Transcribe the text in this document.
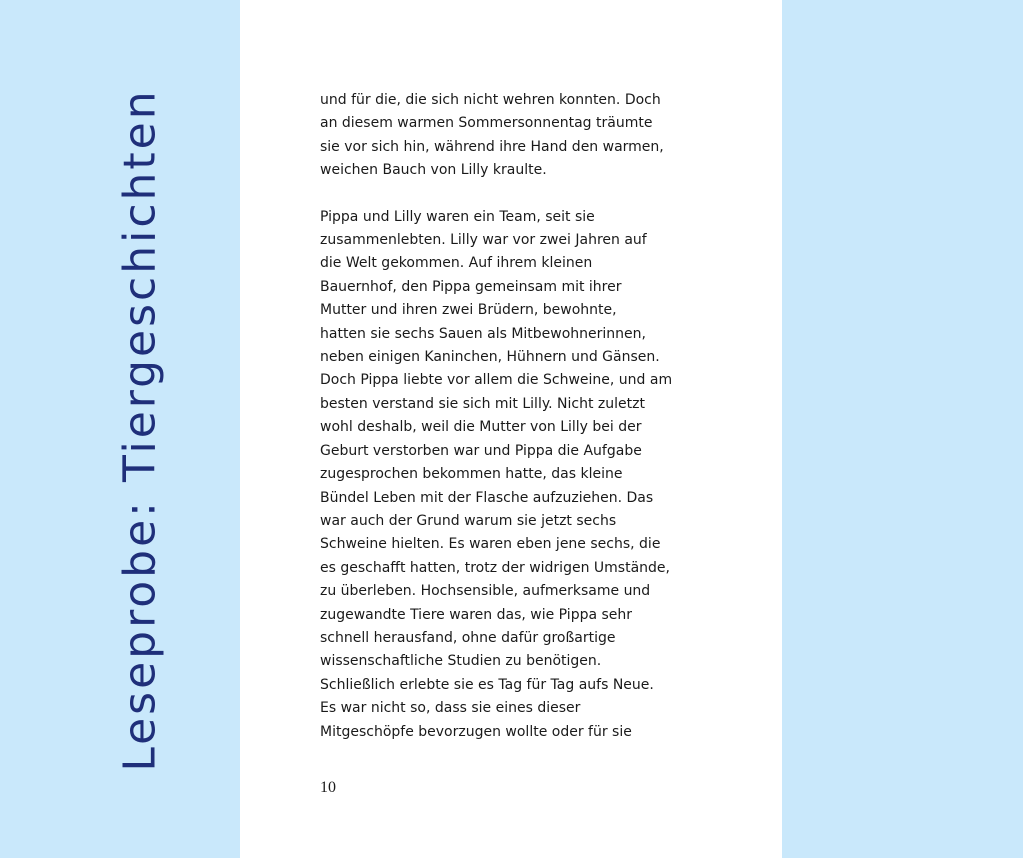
Leseprobe: Tiergeschichten	und für die, die sich nicht wehren konnten. Doch

an diesem warmen Sommersonnentag träumte

sie vor sich hin, während ihre Hand den warmen,

weichen Bauch von Lilly kraulte.

Pippa und Lilly waren ein Team, seit sie

zusammenlebten. Lilly war vor zwei Jahren auf

die Welt gekommen. Auf ihrem kleinen

Bauernhof, den Pippa gemeinsam mit ihrer

Mutter und ihren zwei Brüdern, bewohnte,

hatten sie sechs Sauen als Mitbewohnerinnen,

neben einigen Kaninchen, Hühnern und Gänsen.

Doch Pippa liebte vor allem die Schweine, und am

besten verstand sie sich mit Lilly. Nicht zuletzt

wohl deshalb, weil die Mutter von Lilly bei der

Geburt verstorben war und Pippa die Aufgabe

zugesprochen bekommen hatte, das kleine

Bündel Leben mit der Flasche aufzuziehen. Das

war auch der Grund warum sie jetzt sechs

Schweine hielten. Es waren eben jene sechs, die

es geschafft hatten, trotz der widrigen Umstände,

zu überleben. Hochsensible, aufmerksame und

zugewandte Tiere waren das, wie Pippa sehr

schnell herausfand, ohne dafür großartige

wissenschaftliche Studien zu benötigen.

Schließlich erlebte sie es Tag für Tag aufs Neue.

Es war nicht so, dass sie eines dieser

Mitgeschöpfe bevorzugen wollte oder für sie

10
